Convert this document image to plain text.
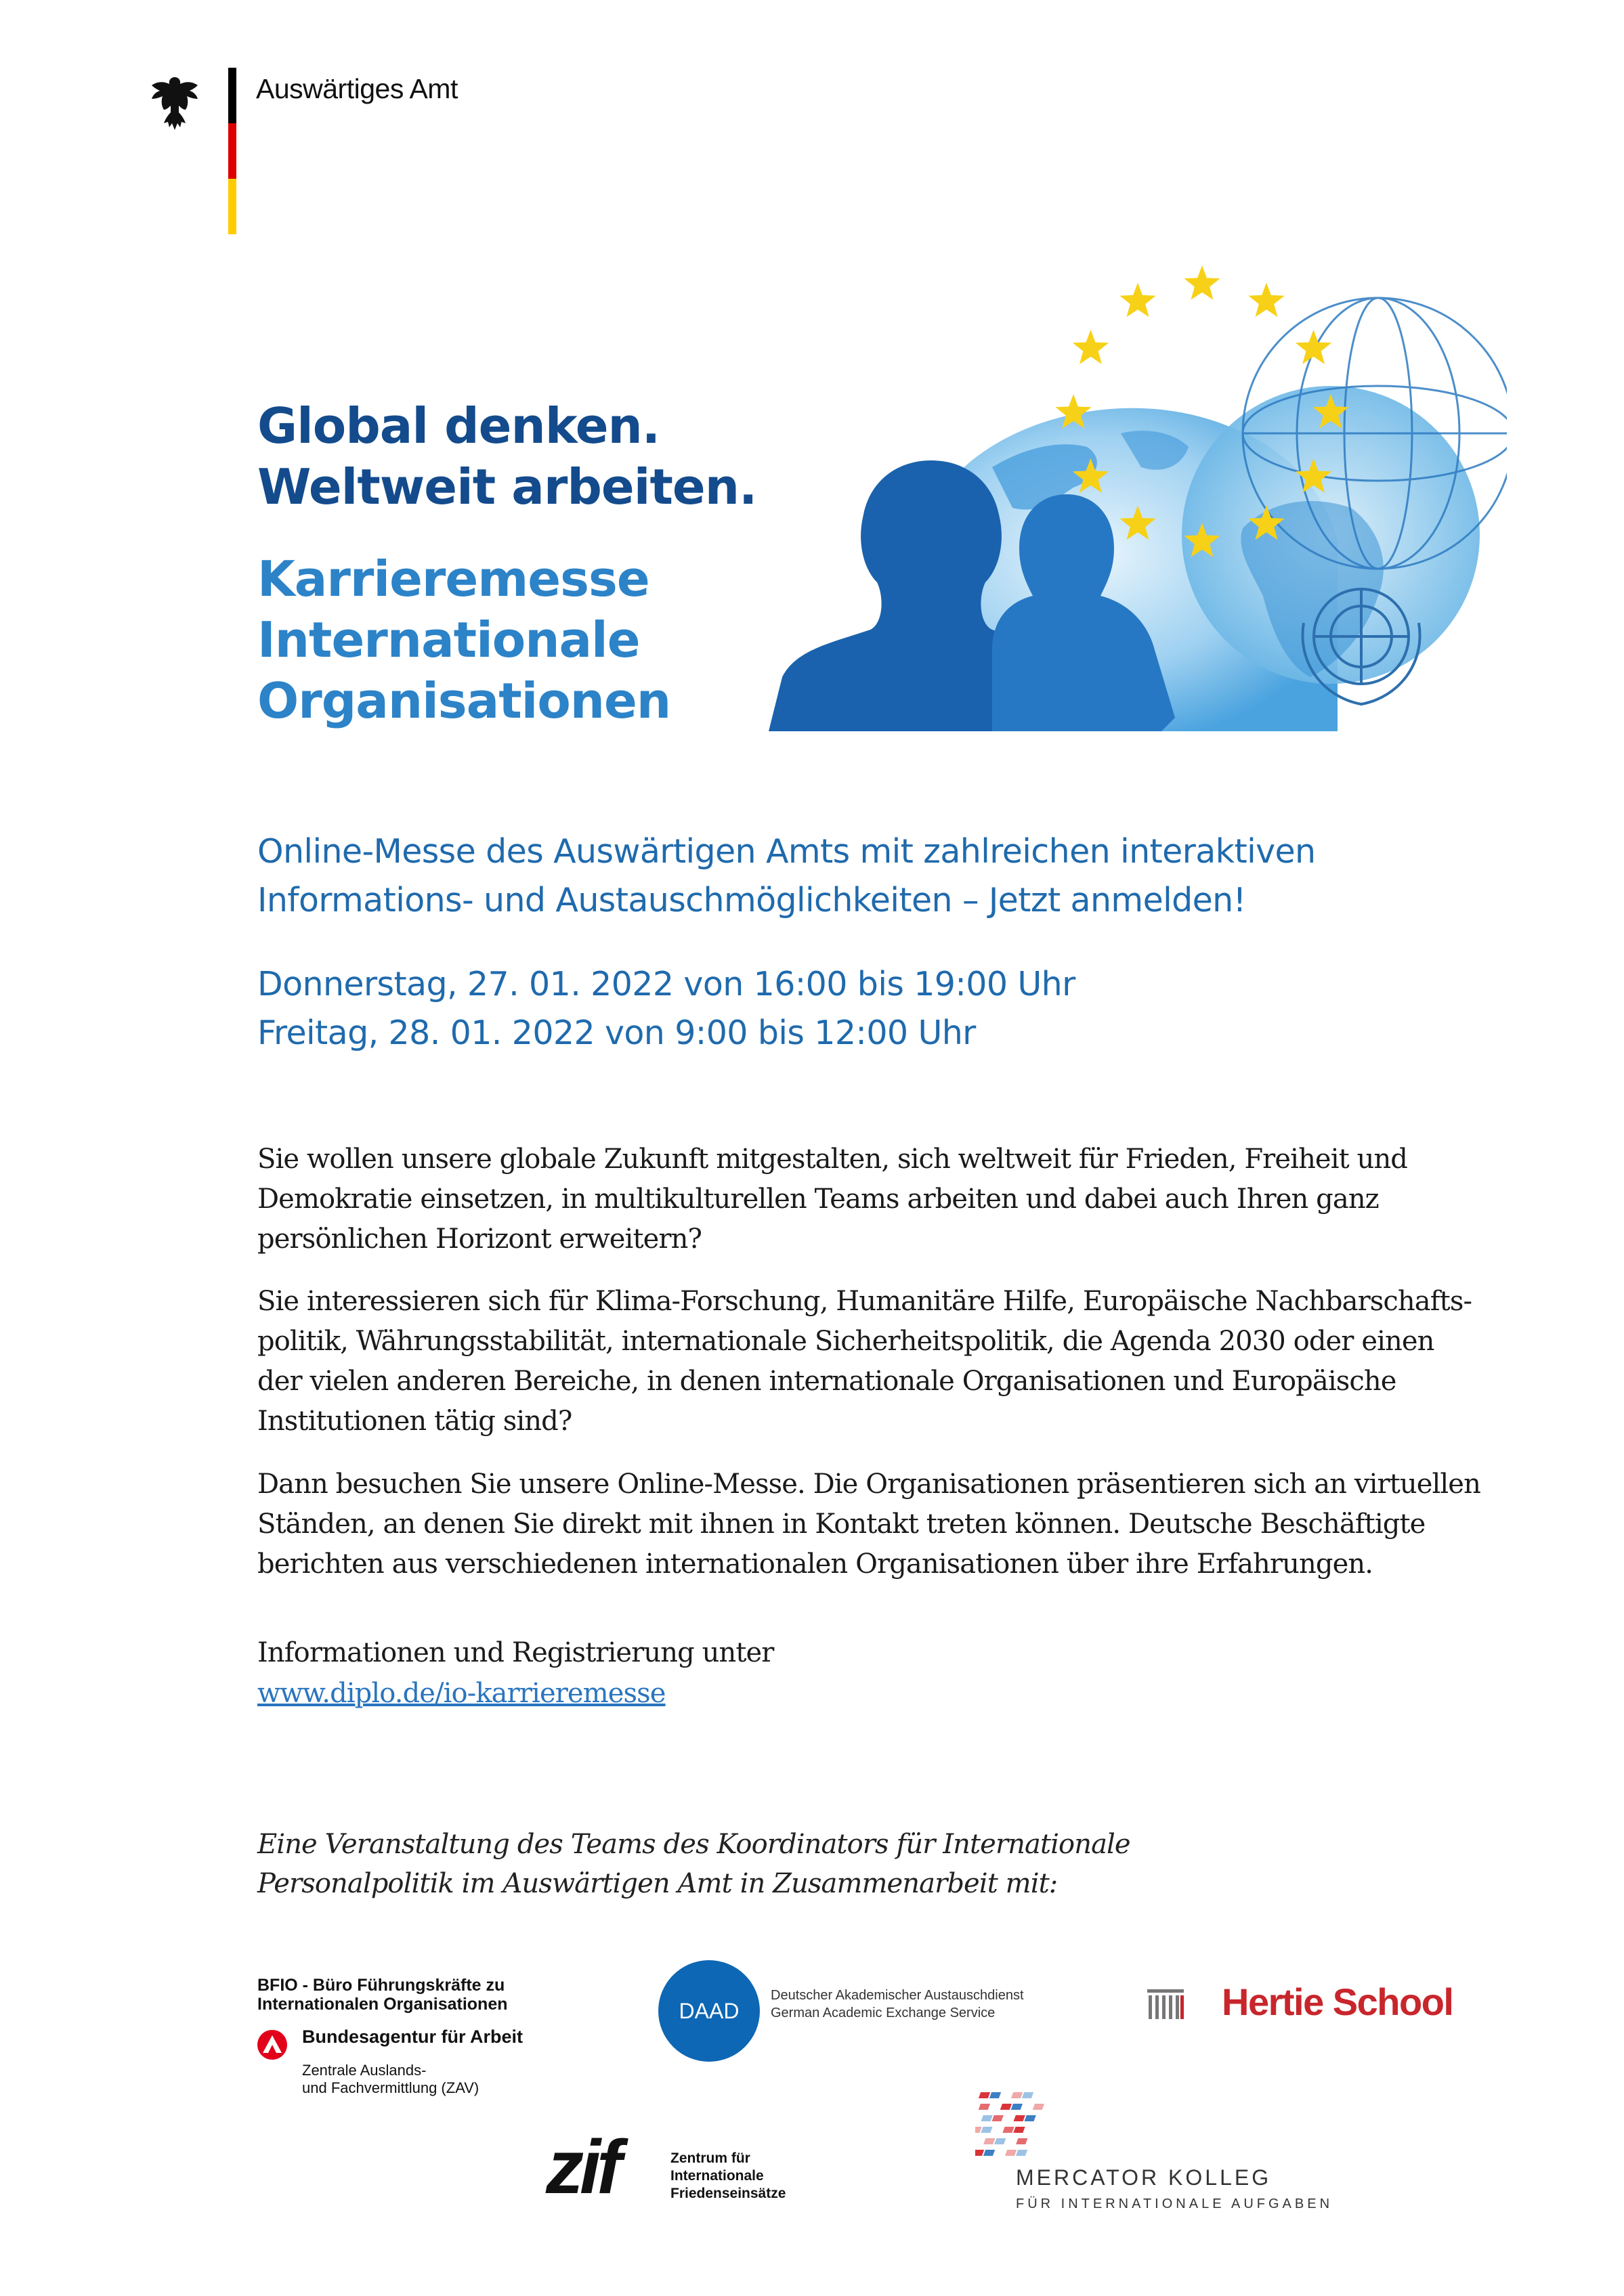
Auswärtiges Amt
Global denken.
Weltweit arbeiten.
Karrieremesse
Internationale
Organisationen
Online-Messe des Auswärtigen Amts mit zahlreichen interaktiven
Informations- und Austauschmöglichkeiten – Jetzt anmelden!
Donnerstag, 27. 01. 2022 von 16:00 bis 19:00 Uhr
Freitag, 28. 01. 2022 von 9:00 bis 12:00 Uhr
Sie wollen unsere globale Zukunft mitgestalten, sich weltweit für Frieden, Freiheit und
Demokratie einsetzen, in multikulturellen Teams arbeiten und dabei auch Ihren ganz
persönlichen Horizont erweitern?
Sie interessieren sich für Klima-Forschung, Humanitäre Hilfe, Europäische Nachbarschafts-
politik, Währungsstabilität, internationale Sicherheitspolitik, die Agenda 2030 oder einen
der vielen anderen Bereiche, in denen internationale Organisationen und Europäische
Institutionen tätig sind?
Dann besuchen Sie unsere Online-Messe. Die Organisationen präsentieren sich an virtuellen
Ständen, an denen Sie direkt mit ihnen in Kontakt treten können. Deutsche Beschäftigte
berichten aus verschiedenen internationalen Organisationen über ihre Erfahrungen.
Informationen und Registrierung unter
www.diplo.de/io-karrieremesse
Eine Veranstaltung des Teams des Koordinators für Internationale
Personalpolitik im Auswärtigen Amt in Zusammenarbeit mit:
BFIO - Büro Führungskräfte zu
Internationalen Organisationen
Bundesagentur für Arbeit
Zentrale Auslands-
und Fachvermittlung (ZAV)
DAAD
Deutscher Akademischer Austauschdienst
German Academic Exchange Service	Hertie School
zif	Zentrum für
Internationale
Friedenseinsätze
MERCATOR KOLLEG
FÜR INTERNATIONALE AUFGABEN
